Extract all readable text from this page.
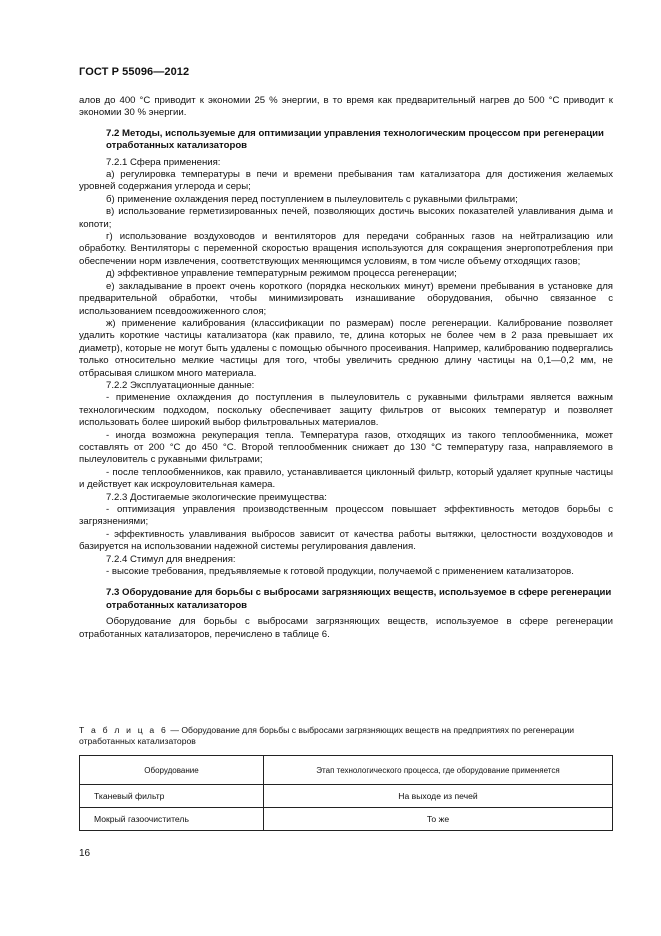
ГОСТ Р 55096—2012

алов до 400 °С приводит к экономии 25 % энергии, в то время как предварительный нагрев до 500 °С приводит к экономии 30 % энергии.

7.2 Методы, используемые для оптимизации управления технологическим процессом при регенерации отработанных катализаторов

7.2.1 Сфера применения:

а) регулировка температуры в печи и времени пребывания там катализатора для достижения желаемых уровней содержания углерода и серы;

б) применение охлаждения перед поступлением в пылеуловитель с рукавными фильтрами;

в) использование герметизированных печей, позволяющих достичь высоких показателей улавливания дыма и копоти;

г) использование воздуховодов и вентиляторов для передачи собранных газов на нейтрализацию или обработку. Вентиляторы с переменной скоростью вращения используются для сокращения энергопотребления при обеспечении норм извлечения, соответствующих меняющимся условиям, в том числе объему отходящих газов;

д) эффективное управление температурным режимом процесса регенерации;

е) закладывание в проект очень короткого (порядка нескольких минут) времени пребывания в установке для предварительной обработки, чтобы минимизировать изнашивание оборудования, обычно связанное с использованием псевдоожиженного слоя;

ж) применение калибрования (классификации по размерам) после регенерации. Калибрование позволяет удалить короткие частицы катализатора (как правило, те, длина которых не более чем в 2 раза превышает их диаметр), которые не могут быть удалены с помощью обычного просеивания. Например, калиброванию подвергались только относительно мелкие частицы для того, чтобы увеличить среднюю длину частицы на 0,1—0,2 мм, не отбрасывая слишком много материала.

7.2.2 Эксплуатационные данные:

- применение охлаждения до поступления в пылеуловитель с рукавными фильтрами является важным технологическим подходом, поскольку обеспечивает защиту фильтров от высоких температур и позволяет использовать более широкий выбор фильтровальных материалов.

- иногда возможна рекуперация тепла. Температура газов, отходящих из такого теплообменника, может составлять от 200 °С до 450 °С. Второй теплообменник снижает до 130 °С температуру газа, направляемого в пылеуловитель с рукавными фильтрами;

- после теплообменников, как правило, устанавливается циклонный фильтр, который удаляет крупные частицы и действует как искроуловительная камера.

7.2.3 Достигаемые экологические преимущества:

- оптимизация управления производственным процессом повышает эффективность методов борьбы с загрязнениями;

- эффективность улавливания выбросов зависит от качества работы вытяжки, целостности воздуховодов и базируется на использовании надежной системы регулирования давления.

7.2.4 Стимул для внедрения:

- высокие требования, предъявляемые к готовой продукции, получаемой с применением катализаторов.

7.3 Оборудование для борьбы с выбросами загрязняющих веществ, используемое в сфере регенерации отработанных катализаторов

Оборудование для борьбы с выбросами загрязняющих веществ, используемое в сфере регенерации отработанных катализаторов, перечислено в таблице 6.

Т а б л и ц а 6 — Оборудование для борьбы с выбросами загрязняющих веществ на предприятиях по регенерации отработанных катализаторов
Оборудование	Этап технологического процесса, где оборудование применяется
Тканевый фильтр	На выходе из печей
Мокрый газоочиститель	То же
16
